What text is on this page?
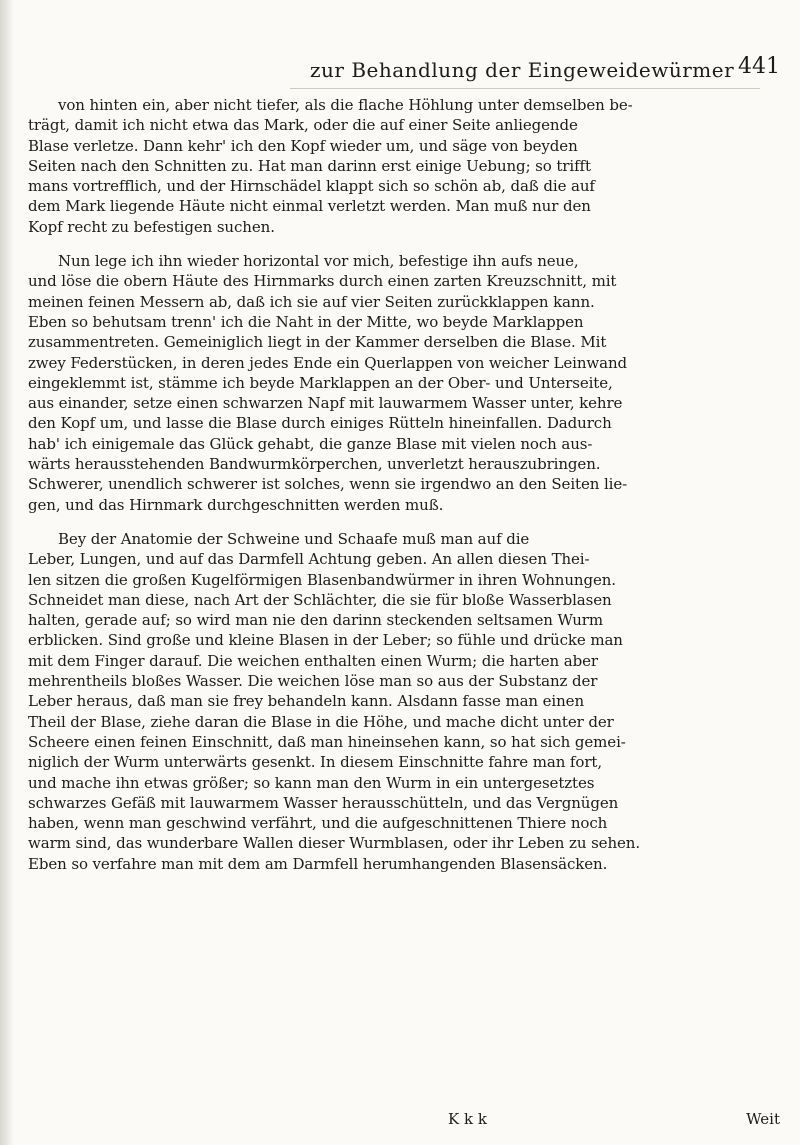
zur Behandlung der Eingeweidewürmer 441
von hinten ein, aber nicht tiefer, als die flache Höhlung unter demselben be-
trägt, damit ich nicht etwa das Mark, oder die auf einer Seite anliegende
Blase verletze. Dann kehr' ich den Kopf wieder um, und säge von beyden
Seiten nach den Schnitten zu. Hat man darinn erst einige Uebung; so trifft
mans vortrefflich, und der Hirnschädel klappt sich so schön ab, daß die auf
dem Mark liegende Häute nicht einmal verletzt werden. Man muß nur den
Kopf recht zu befestigen suchen.
Nun lege ich ihn wieder horizontal vor mich, befestige ihn aufs neue,
und löse die obern Häute des Hirnmarks durch einen zarten Kreuzschnitt, mit
meinen feinen Messern ab, daß ich sie auf vier Seiten zurückklappen kann.
Eben so behutsam trenn' ich die Naht in der Mitte, wo beyde Marklappen
zusammentreten. Gemeiniglich liegt in der Kammer derselben die Blase. Mit
zwey Federstücken, in deren jedes Ende ein Querlappen von weicher Leinwand
eingeklemmt ist, stämme ich beyde Marklappen an der Ober- und Unterseite,
aus einander, setze einen schwarzen Napf mit lauwarmem Wasser unter, kehre
den Kopf um, und lasse die Blase durch einiges Rütteln hineinfallen. Dadurch
hab' ich einigemale das Glück gehabt, die ganze Blase mit vielen noch aus-
wärts herausstehenden Bandwurmkörperchen, unverletzt herauszubringen.
Schwerer, unendlich schwerer ist solches, wenn sie irgendwo an den Seiten lie-
gen, und das Hirnmark durchgeschnitten werden muß.
Bey der Anatomie der Schweine und Schaafe muß man auf die
Leber, Lungen, und auf das Darmfell Achtung geben. An allen diesen Thei-
len sitzen die großen Kugelförmigen Blasenbandwürmer in ihren Wohnungen.
Schneidet man diese, nach Art der Schlächter, die sie für bloße Wasserblasen
halten, gerade auf; so wird man nie den darinn steckenden seltsamen Wurm
erblicken. Sind große und kleine Blasen in der Leber; so fühle und drücke man
mit dem Finger darauf. Die weichen enthalten einen Wurm; die harten aber
mehrentheils bloßes Wasser. Die weichen löse man so aus der Substanz der
Leber heraus, daß man sie frey behandeln kann. Alsdann fasse man einen
Theil der Blase, ziehe daran die Blase in die Höhe, und mache dicht unter der
Scheere einen feinen Einschnitt, daß man hineinsehen kann, so hat sich gemei-
niglich der Wurm unterwärts gesenkt. In diesem Einschnitte fahre man fort,
und mache ihn etwas größer; so kann man den Wurm in ein untergesetztes
schwarzes Gefäß mit lauwarmem Wasser herausschütteln, und das Vergnügen
haben, wenn man geschwind verfährt, und die aufgeschnittenen Thiere noch
warm sind, das wunderbare Wallen dieser Wurmblasen, oder ihr Leben zu sehen.
Eben so verfahre man mit dem am Darmfell herumhangenden Blasensäcken.
K k k	Weit
